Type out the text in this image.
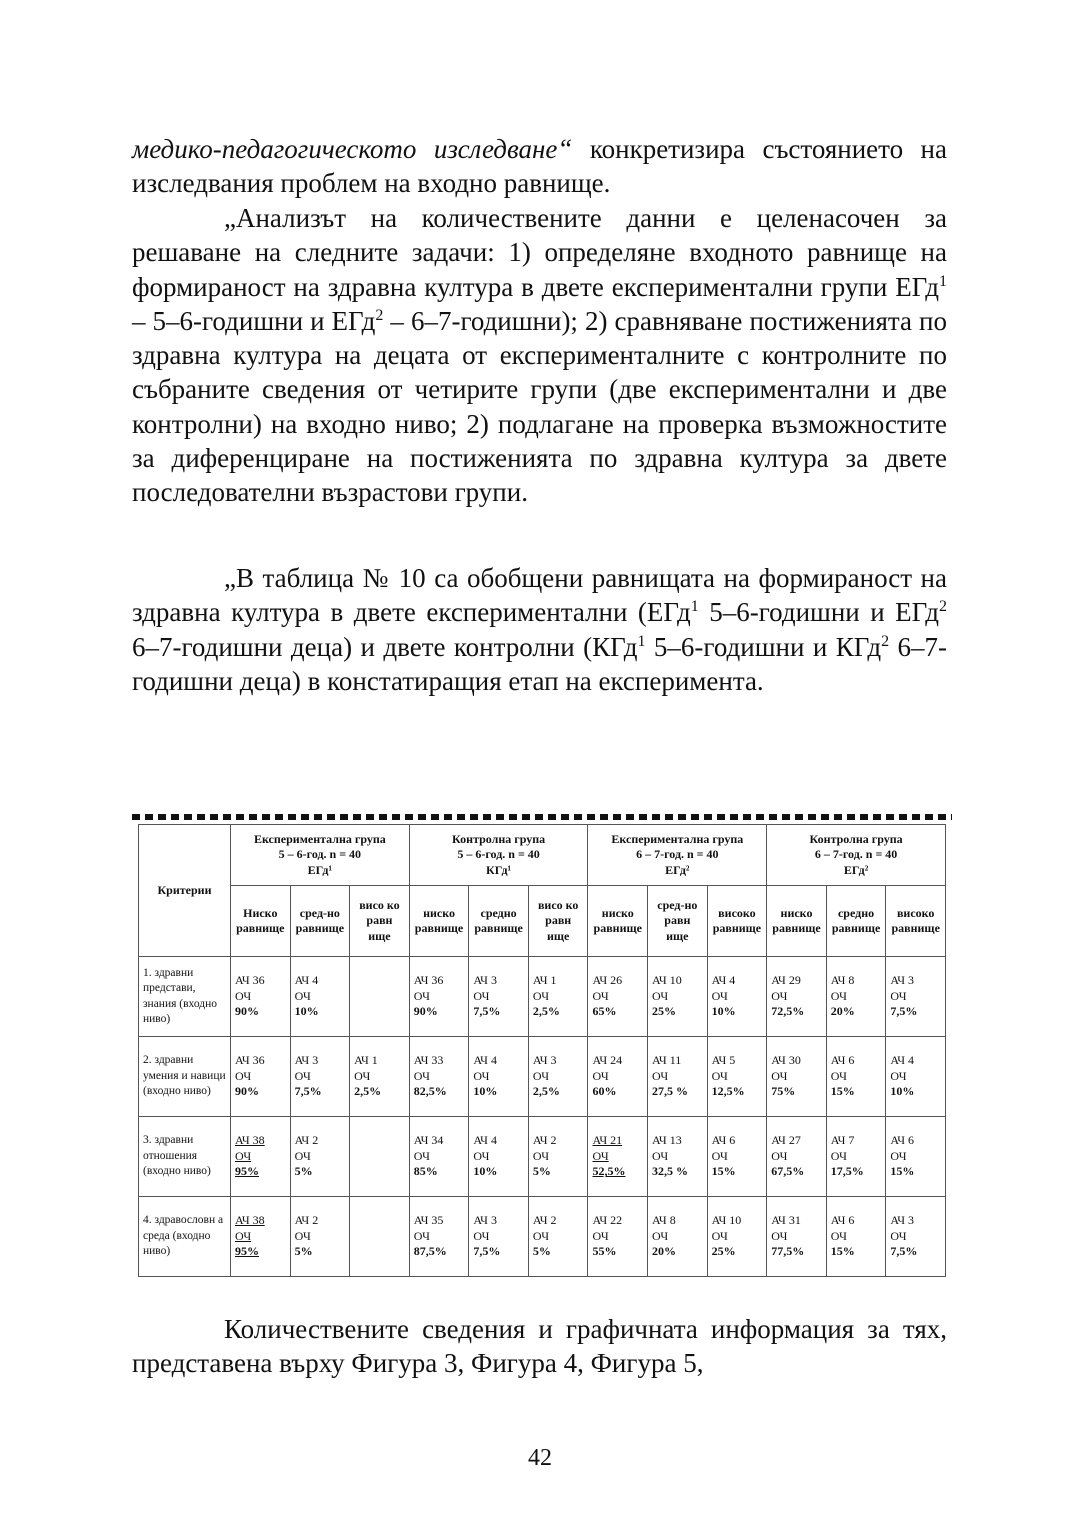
медико-педагогическото изследване“ конкретизира състоянието на изследвания проблем на входно равнище.

„Анализът на количествените данни е целенасочен за решаване на следните задачи: 1) определяне входното равнище на формираност на здравна култура в двете експериментални групи ЕГд$^1$ – 5–6-годишни и ЕГд$^2$ – 6–7-годишни); 2) сравняване постиженията по здравна култура на децата от експерименталните с контролните по събраните сведения от четирите групи (две експериментални и две контролни) на входно ниво; 2) подлагане на проверка възможностите за диференциране на постиженията по здравна култура за двете последователни възрастови групи.

„В таблица № 10 са обобщени равнищата на формираност на здравна култура в двете експериментални (ЕГд$^1$ 5–6-годишни и ЕГд$^2$ 6–7-годишни деца) и двете контролни (КГд$^1$ 5–6-годишни и КГд$^2$ 6–7-годишни деца) в констатиращия етап на експеримента.

Критерии	Експериментална група
5 – 6-год. n = 40
ЕГд¹			Контролна група
5 – 6-год. n = 40
КГд¹			Експериментална група
6 – 7-год. n = 40
ЕГд²			Контролна група
6 – 7-год. n = 40
ЕГд²		
	Ниско равнище	сред-но равнище	висо ко равн ище	ниско равнище	средно равнище	висо ко равн ище	ниско равнище	сред-но равн ище	високо равнище	ниско равнище	средно равнище	високо равнище
1. здравни представи, знания (входно ниво)	АЧ 36
ОЧ
90%	АЧ 4
ОЧ
10%		АЧ 36
ОЧ
90%	АЧ 3
ОЧ
7,5%	АЧ 1
ОЧ
2,5%	АЧ 26
ОЧ
65%	АЧ 10
ОЧ
25%	АЧ 4
ОЧ
10%	АЧ 29
ОЧ
72,5%	АЧ 8
ОЧ
20%	АЧ 3
ОЧ
7,5%
2. здравни умения и навици (входно ниво)	АЧ 36
ОЧ
90%	АЧ 3
ОЧ
7,5%	АЧ 1
ОЧ
2,5%	АЧ 33
ОЧ
82,5%	АЧ 4
ОЧ
10%	АЧ 3
ОЧ
2,5%	АЧ 24
ОЧ
60%	АЧ 11
ОЧ
27,5 %	АЧ 5
ОЧ
12,5%	АЧ 30
ОЧ
75%	АЧ 6
ОЧ
15%	АЧ 4
ОЧ
10%
3. здравни отношения (входно ниво)	АЧ 38
ОЧ
95%	АЧ 2
ОЧ
5%		АЧ 34
ОЧ
85%	АЧ 4
ОЧ
10%	АЧ 2
ОЧ
5%	АЧ 21
ОЧ
52,5%	АЧ 13
ОЧ
32,5 %	АЧ 6
ОЧ
15%	АЧ 27
ОЧ
67,5%	АЧ 7
ОЧ
17,5%	АЧ 6
ОЧ
15%
4. здравословн а среда (входно ниво)	АЧ 38
ОЧ
95%	АЧ 2
ОЧ
5%		АЧ 35
ОЧ
87,5%	АЧ 3
ОЧ
7,5%	АЧ 2
ОЧ
5%	АЧ 22
ОЧ
55%	АЧ 8
ОЧ
20%	АЧ 10
ОЧ
25%	АЧ 31
ОЧ
77,5%	АЧ 6
ОЧ
15%	АЧ 3
ОЧ
7,5%

Количествените сведения и графичната информация за тях, представена върху Фигура 3, Фигура 4, Фигура 5,

42
